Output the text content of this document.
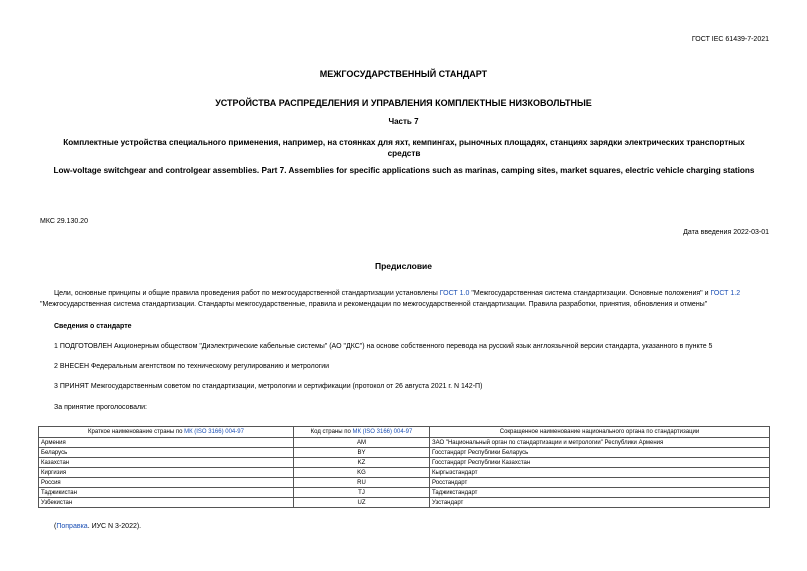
ГОСТ IEC 61439-7-2021
МЕЖГОСУДАРСТВЕННЫЙ СТАНДАРТ
УСТРОЙСТВА РАСПРЕДЕЛЕНИЯ И УПРАВЛЕНИЯ КОМПЛЕКТНЫЕ НИЗКОВОЛЬТНЫЕ
Часть 7
Комплектные устройства специального применения, например, на стоянках для яхт, кемпингах, рыночных площадях, станциях зарядки электрических транспортных средств
Low-voltage switchgear and controlgear assemblies. Part 7. Assemblies for specific applications such as marinas, camping sites, market squares, electric vehicle charging stations
МКС 29.130.20
Дата введения 2022-03-01
Предисловие
Цели, основные принципы и общие правила проведения работ по межгосударственной стандартизации установлены ГОСТ 1.0 "Межгосударственная система стандартизации. Основные положения" и ГОСТ 1.2 "Межгосударственная система стандартизации. Стандарты межгосударственные, правила и рекомендации по межгосударственной стандартизации. Правила разработки, принятия, обновления и отмены"
Сведения о стандарте
1 ПОДГОТОВЛЕН Акционерным обществом "Диэлектрические кабельные системы" (АО "ДКС") на основе собственного перевода на русский язык англоязычной версии стандарта, указанного в пункте 5
2 ВНЕСЕН Федеральным агентством по техническому регулированию и метрологии
3 ПРИНЯТ Межгосударственным советом по стандартизации, метрологии и сертификации (протокол от 26 августа 2021 г. N 142-П)
За принятие проголосовали:
Краткое наименование страны по МК (ISO 3166) 004-97	Код страны по МК (ISO 3166) 004-97	Сокращенное наименование национального органа по стандартизации
Армения	AM	ЗАО "Национальный орган по стандартизации и метрологии" Республики Армения
Беларусь	BY	Госстандарт Республики Беларусь
Казахстан	KZ	Госстандарт Республики Казахстан
Киргизия	KG	Кыргызстандарт
Россия	RU	Росстандарт
Таджикистан	TJ	Таджикстандарт
Узбекистан	UZ	Узстандарт
(Поправка. ИУС N 3-2022).
